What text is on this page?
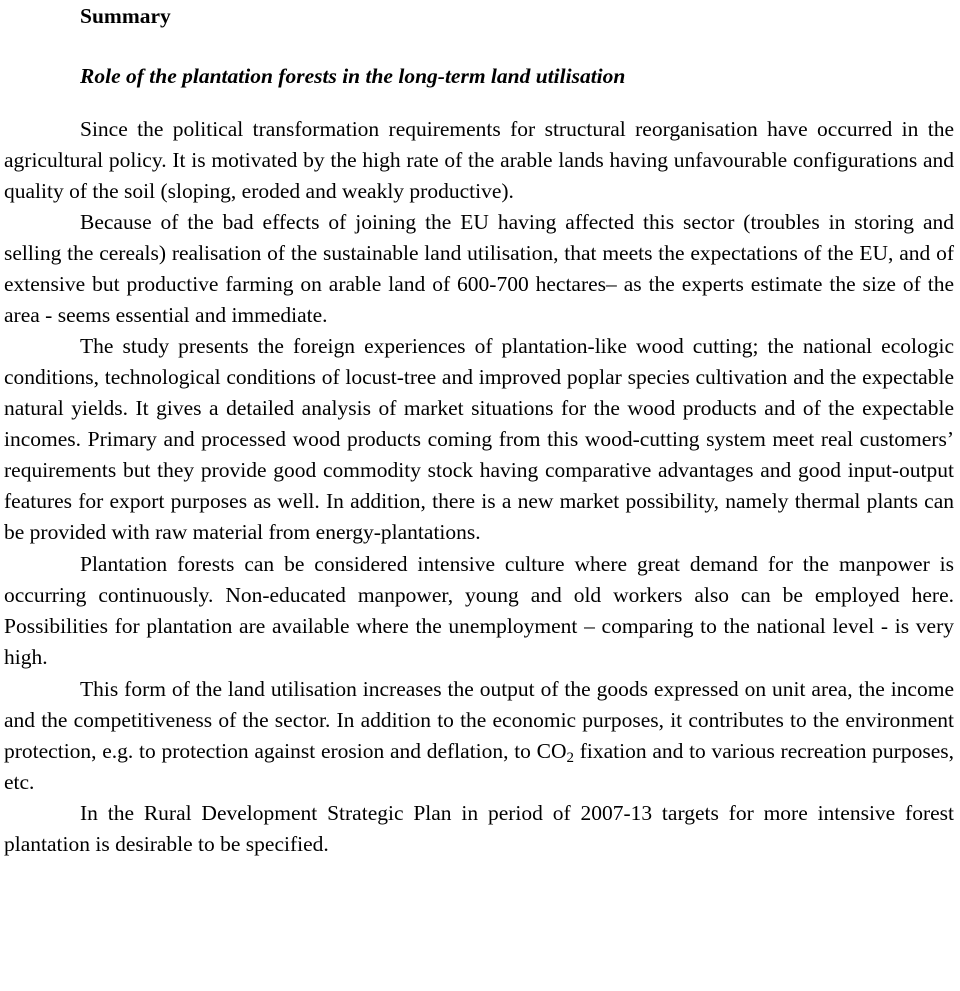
Summary
Role of the plantation forests in the long-term land utilisation

Since the political transformation requirements for structural reorganisation have occurred in the agricultural policy. It is motivated by the high rate of the arable lands having unfavourable configurations and quality of the soil (sloping, eroded and weakly productive).

Because of the bad effects of joining the EU having affected this sector (troubles in storing and selling the cereals) realisation of the sustainable land utilisation, that meets the expectations of the EU, and of extensive but productive farming on arable land of 600-700 hectares– as the experts estimate the size of the area - seems essential and immediate.

The study presents the foreign experiences of plantation-like wood cutting; the national ecologic conditions, technological conditions of locust-tree and improved poplar species cultivation and the expectable natural yields. It gives a detailed analysis of market situations for the wood products and of the expectable incomes. Primary and processed wood products coming from this wood-cutting system meet real customers’ requirements but they provide good commodity stock having comparative advantages and good input-output features for export purposes as well. In addition, there is a new market possibility, namely thermal plants can be provided with raw material from energy-plantations.

Plantation forests can be considered intensive culture where great demand for the manpower is occurring continuously. Non-educated manpower, young and old workers also can be employed here. Possibilities for plantation are available where the unemployment – comparing to the national level - is very high.

This form of the land utilisation increases the output of the goods expressed on unit area, the income and the competitiveness of the sector. In addition to the economic purposes, it contributes to the environment protection, e.g. to protection against erosion and deflation, to $CO_2$ fixation and to various recreation purposes, etc.

In the Rural Development Strategic Plan in period of 2007-13 targets for more intensive forest plantation is desirable to be specified.
